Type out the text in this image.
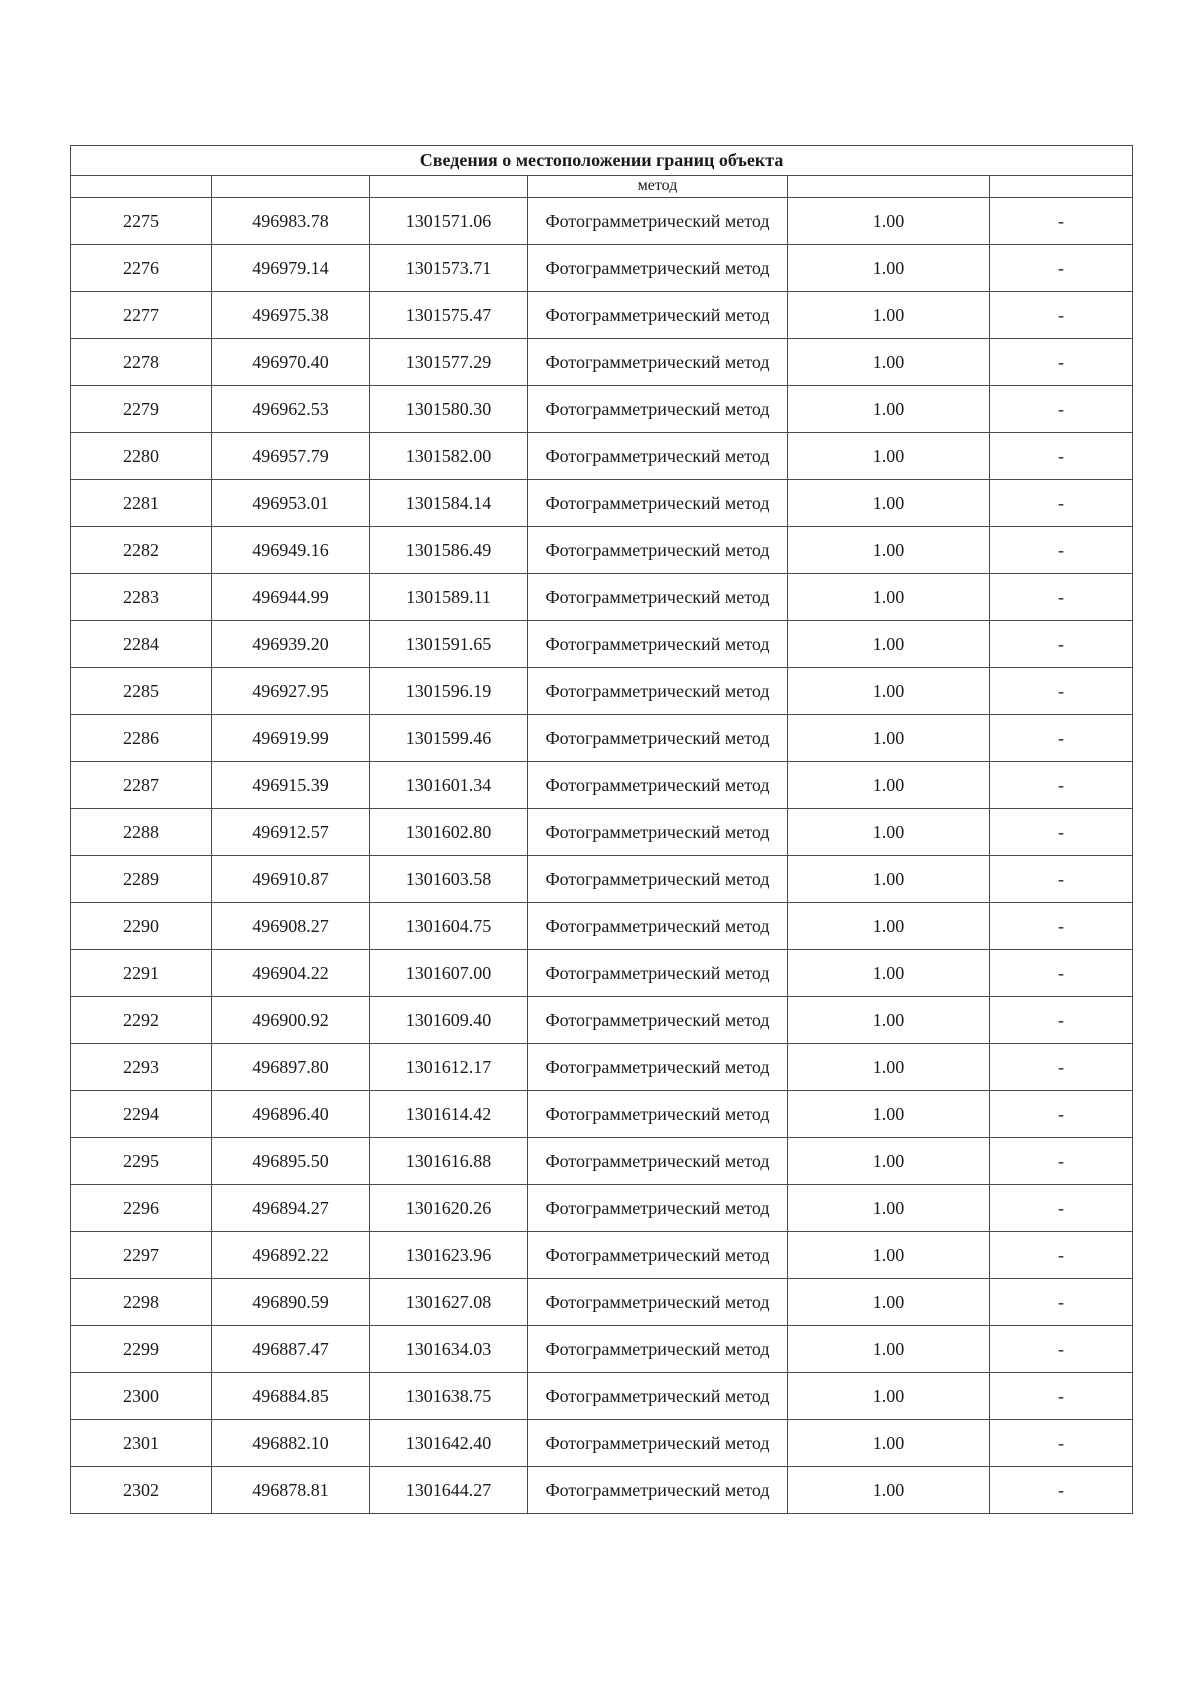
Сведения о местоположении границ объекта					
			метод		
2275	496983.78	1301571.06	Фотограмметрический метод	1.00	-
2276	496979.14	1301573.71	Фотограмметрический метод	1.00	-
2277	496975.38	1301575.47	Фотограмметрический метод	1.00	-
2278	496970.40	1301577.29	Фотограмметрический метод	1.00	-
2279	496962.53	1301580.30	Фотограмметрический метод	1.00	-
2280	496957.79	1301582.00	Фотограмметрический метод	1.00	-
2281	496953.01	1301584.14	Фотограмметрический метод	1.00	-
2282	496949.16	1301586.49	Фотограмметрический метод	1.00	-
2283	496944.99	1301589.11	Фотограмметрический метод	1.00	-
2284	496939.20	1301591.65	Фотограмметрический метод	1.00	-
2285	496927.95	1301596.19	Фотограмметрический метод	1.00	-
2286	496919.99	1301599.46	Фотограмметрический метод	1.00	-
2287	496915.39	1301601.34	Фотограмметрический метод	1.00	-
2288	496912.57	1301602.80	Фотограмметрический метод	1.00	-
2289	496910.87	1301603.58	Фотограмметрический метод	1.00	-
2290	496908.27	1301604.75	Фотограмметрический метод	1.00	-
2291	496904.22	1301607.00	Фотограмметрический метод	1.00	-
2292	496900.92	1301609.40	Фотограмметрический метод	1.00	-
2293	496897.80	1301612.17	Фотограмметрический метод	1.00	-
2294	496896.40	1301614.42	Фотограмметрический метод	1.00	-
2295	496895.50	1301616.88	Фотограмметрический метод	1.00	-
2296	496894.27	1301620.26	Фотограмметрический метод	1.00	-
2297	496892.22	1301623.96	Фотограмметрический метод	1.00	-
2298	496890.59	1301627.08	Фотограмметрический метод	1.00	-
2299	496887.47	1301634.03	Фотограмметрический метод	1.00	-
2300	496884.85	1301638.75	Фотограмметрический метод	1.00	-
2301	496882.10	1301642.40	Фотограмметрический метод	1.00	-
2302	496878.81	1301644.27	Фотограмметрический метод	1.00	-
